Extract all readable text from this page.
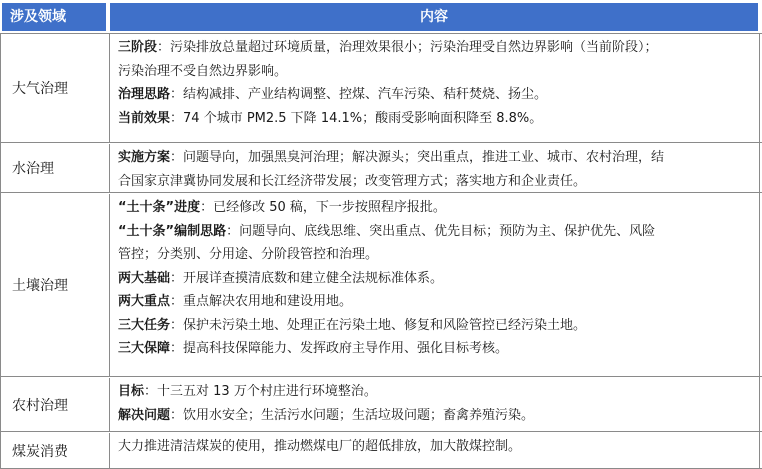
涉及领域	内容
大气治理
三阶段：污染排放总量超过环境质量，治理效果很小；污染治理受自然边界影响（当前阶段）；
污染治理不受自然边界影响。
治理思路：结构减排、产业结构调整、控煤、汽车污染、秸秆焚烧、扬尘。
当前效果：74 个城市 PM2.5 下降 14.1%；酸雨受影响面积降至 8.8%。
水治理
实施方案：问题导向，加强黑臭河治理；解决源头；突出重点，推进工业、城市、农村治理，结
合国家京津冀协同发展和长江经济带发展；改变管理方式；落实地方和企业责任。
土壤治理
“土十条”进度：已经修改 50 稿，下一步按照程序报批。
“土十条”编制思路：问题导向、底线思维、突出重点、优先目标；预防为主、保护优先、风险
管控；分类别、分用途、分阶段管控和治理。
两大基础：开展详查摸清底数和建立健全法规标准体系。
两大重点：重点解决农用地和建设用地。
三大任务：保护未污染土地、处理正在污染土地、修复和风险管控已经污染土地。
三大保障：提高科技保障能力、发挥政府主导作用、强化目标考核。
农村治理
目标：十三五对 13 万个村庄进行环境整治。
解决问题：饮用水安全；生活污水问题；生活垃圾问题；畜禽养殖污染。
煤炭消费	大力推进清洁煤炭的使用，推动燃煤电厂的超低排放，加大散煤控制。
